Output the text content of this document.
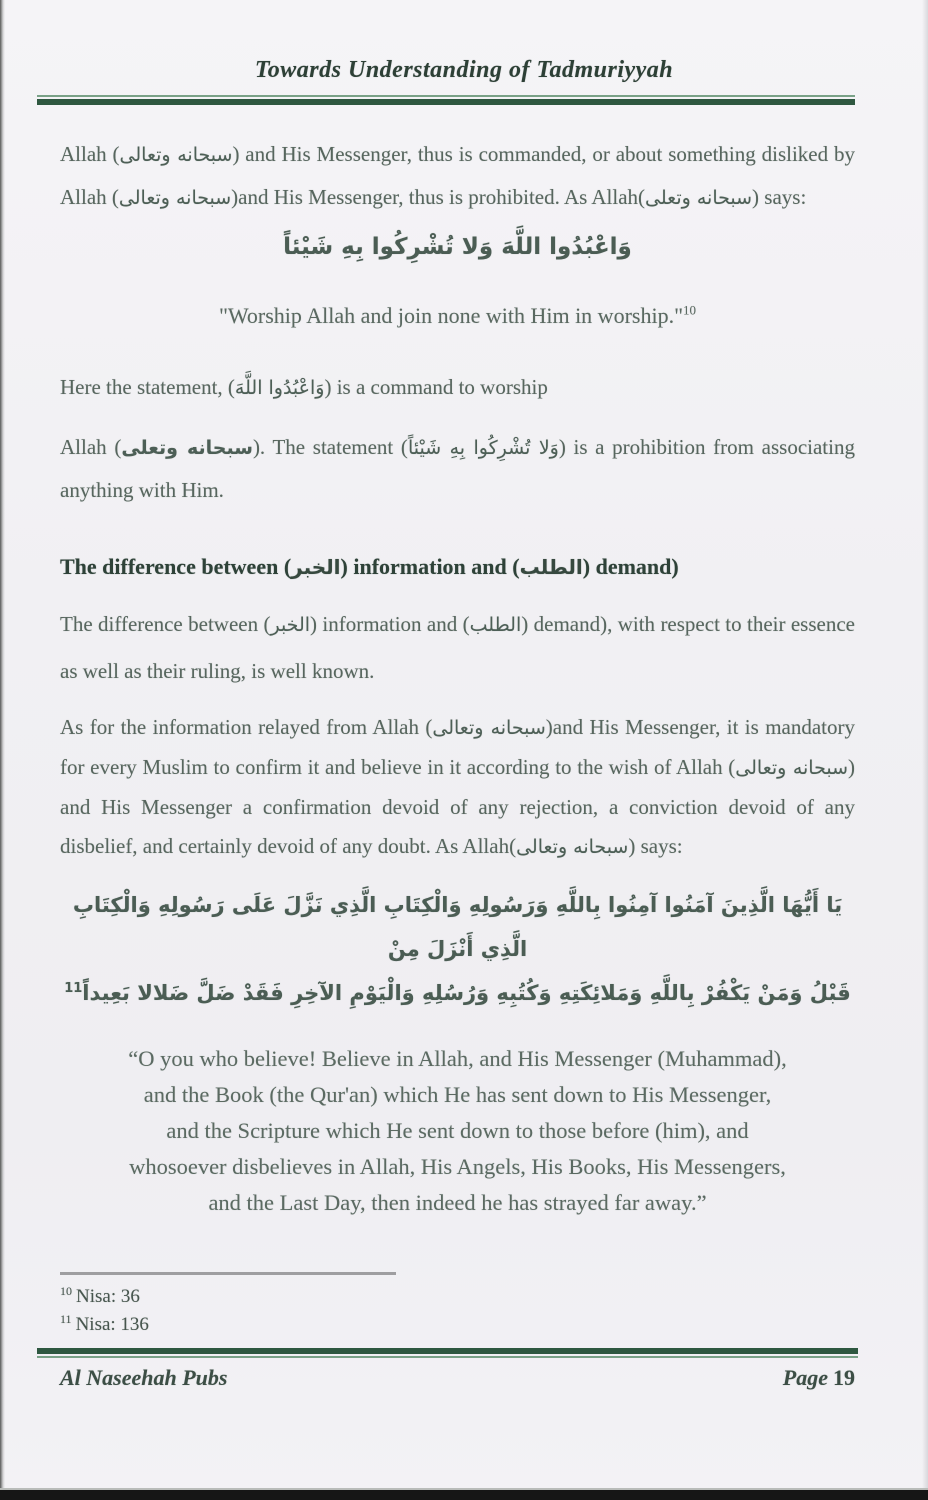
Towards Understanding of Tadmuriyyah
Allah (سبحانه وتعالى) and His Messenger, thus is commanded, or about something disliked by Allah (سبحانه وتعالى)and His Messenger, thus is prohibited. As Allah(سبحانه وتعلى) says:
وَاعْبُدُوا اللَّهَ وَلا تُشْرِكُوا بِهِ شَيْئاً
"Worship Allah and join none with Him in worship."$^{10}$
Here the statement, (وَاعْبُدُوا اللَّهَ) is a command to worship
Allah (سبحانه وتعلى). The statement (وَلا تُشْرِكُوا بِهِ شَيْئاً) is a prohibition from associating anything with Him.
The difference between (الخبر) information and (الطلب) demand)
The difference between (الخبر) information and (الطلب) demand), with respect to their essence as well as their ruling, is well known.
As for the information relayed from Allah (سبحانه وتعالى)and His Messenger, it is mandatory for every Muslim to confirm it and believe in it according to the wish of Allah (سبحانه وتعالى) and His Messenger a confirmation devoid of any rejection, a conviction devoid of any disbelief, and certainly devoid of any doubt. As Allah(سبحانه وتعالى) says:
يَا أَيُّهَا الَّذِينَ آمَنُوا آمِنُوا بِاللَّهِ وَرَسُولِهِ وَالْكِتَابِ الَّذِي نَزَّلَ عَلَى رَسُولِهِ وَالْكِتَابِ الَّذِي أَنْزَلَ مِنْ
قَبْلُ وَمَنْ يَكْفُرْ بِاللَّهِ وَمَلائِكَتِهِ وَكُتُبِهِ وَرُسُلِهِ وَالْيَوْمِ الآخِرِ فَقَدْ ضَلَّ ضَلالا بَعِيداً$^{11}$
“O you who believe! Believe in Allah, and His Messenger (Muhammad),
and the Book (the Qur'an) which He has sent down to His Messenger,
and the Scripture which He sent down to those before (him), and
whosoever disbelieves in Allah, His Angels, His Books, His Messengers,
and the Last Day, then indeed he has strayed far away.”
$^{10}$ Nisa: 36
$^{11}$ Nisa: 136
Al Naseehah Pubs	Page 19
